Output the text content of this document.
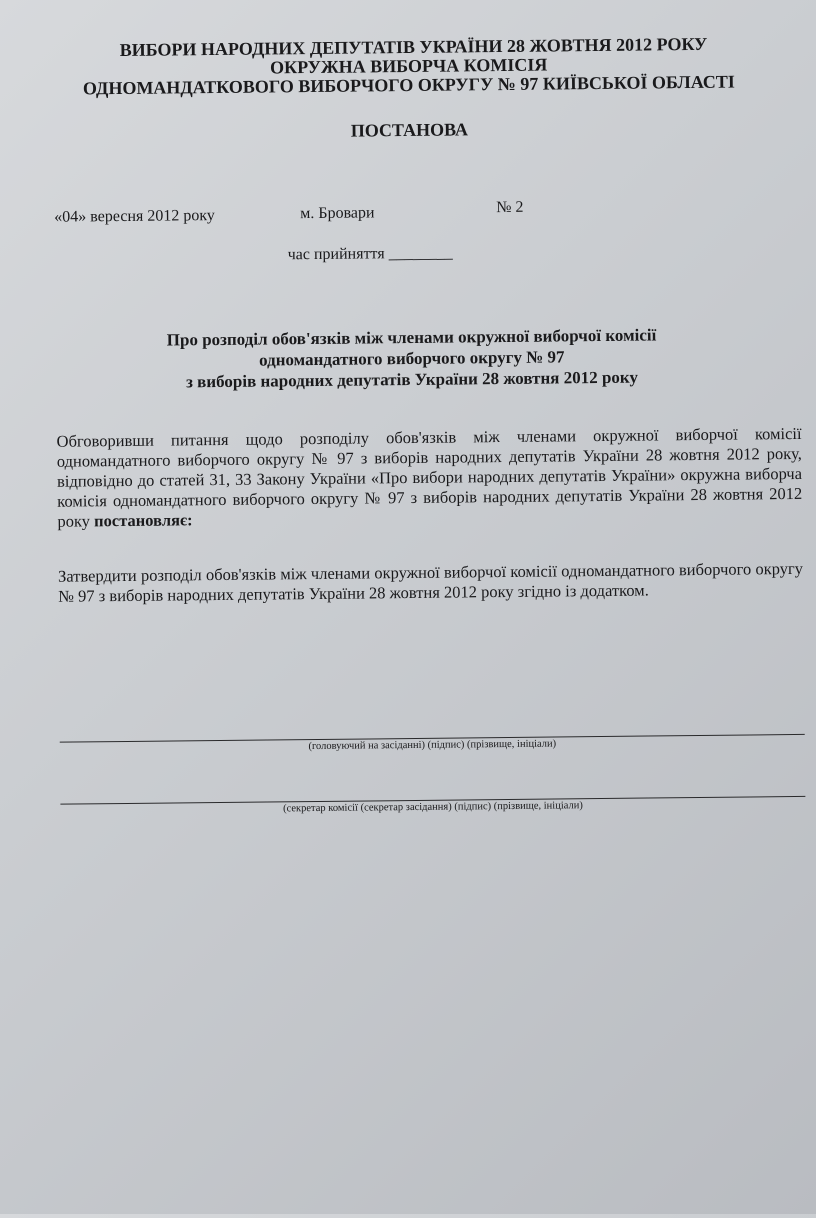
ВИБОРИ НАРОДНИХ ДЕПУТАТІВ УКРАЇНИ 28 ЖОВТНЯ 2012 РОКУ
ОКРУЖНА ВИБОРЧА КОМІСІЯ
ОДНОМАНДАТКОВОГО ВИБОРЧОГО ОКРУГУ № 97 КИЇВСЬКОЇ ОБЛАСТІ
ПОСТАНОВА
«04» вересня 2012 року	м. Бровари	№ 2
час прийняття ________
Про розподіл обов'язків між членами окружної виборчої комісії
одномандатного виборчого округу № 97
з виборів народних депутатів України 28 жовтня 2012 року
Обговоривши питання щодо розподілу обов'язків між членами окружної виборчої комісії одномандатного виборчого округу № 97 з виборів народних депутатів України 28 жовтня 2012 року, відповідно до статей 31, 33 Закону України «Про вибори народних депутатів України» окружна виборча комісія одномандатного виборчого округу № 97 з виборів народних депутатів України 28 жовтня 2012 року постановляє:
Затвердити розподіл обов'язків між членами окружної виборчої комісії одномандатного виборчого округу № 97 з виборів народних депутатів України 28 жовтня 2012 року згідно із додатком.
(головуючий на засіданні) (підпис) (прізвище, ініціали)
(секретар комісії (секретар засідання) (підпис) (прізвище, ініціали)
